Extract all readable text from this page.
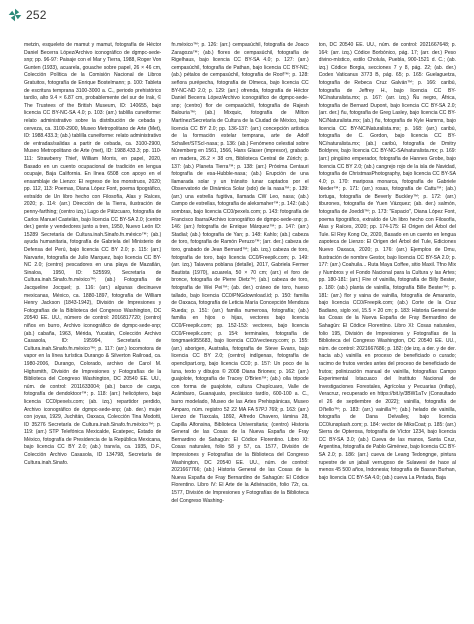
252

metzin, esqueleto de mamut y mamut, fotografía de Héctor Daniel Becerra López/Archivo iconográfico de dgmpc-sede-snp; pp. 96-97: Paisaje con el Mar y Tierra, 1988, Roger Von Gunten (1933), acuarela, gouache sobre papel, 26 × 46 cm, Colección Política de la Comisión Nacional de Libros Gratuitos, fotografía de Enrique Bostelmann; p. 100: Tableta de escritura temprana 3100-3000 a. C., periodo prehistórico tardío, alto 9.4 × 6.87 cm, probablemente del sur de Irak, © The Trustees of the British Museum, ID: 140655, bajo licencia CC BY-NC-SA 4.0; p. 103: (arr.) tablilla cuneiforme: relato administrativo sobre la distribución de cebada y cerveza, ca. 3100-2900, Museo Metropolitano de Arte (Met), ID: 1988.433.3; (ab.) tablilla cuneiforme: relato administrativo de entradas/salidas a partir de cebada, ca. 3100-2900, Museo Metropolitano de Arte (met), ID: 1988.433.3; pp. 110-111: Strawberry Thief, William Morris, en papel, 2020, Basado en un cuento ocupacional de tradición en lengua ocupaje, Baja California. En línea 6508 con apoyo en el ensamblaje de Lienzo: El regreso de los monstruos, 2020; pp. 112, 113: Poemas, Diana López Font, poema tipográfico, extraído de Un libro hecho con Filosofía, Alas y Raíces, 2020; p. 114: (arr.) Dirección de la Tierra, ilustración de penny-farthing; (centro izq.) Lago de Pátzcuaro, fotografía de Carlos Manuel Castelán, bajo licencia CC BY-SA 2.0; (centro der.) gente y vendedores junto a tren, 1950, Nuevo León ID: 15289 Secretaría de Cultura.inah.Sinafo.fn.méxico™; (ab.) ayuda humanitaria, fotografía de Gabriela del Ministerio de Defensa del Perú, bajo licencia CC BY 2.0; p. 115: (arr.) Narvarte, fotografía de Julio Marquez, bajo licencia CC BY-NC 2.0; (centro) pescadores en una playa de Mazatlán, Sinaloa, 1950, ID: 525599, Secretaría de Cultura.inah.Sinafo.fn.méxico™; (ab.) Fotografía de Jacqueline Jocquel; p. 116: (arr.) algunas diecinueve mexicanas, México, ca. 1880-1897, fotografía de William Henry Jackson (1843-1942), División de Impresiones y Fotografías de la Biblioteca del Congreso Washington, DC 20540 EE. UU., número de control: 2016817720; (centro) niños en burro, Archivo iconográfico de dgmpc-sede-snp; (ab.) cabaña, 1963, Mérida, Yucatán, Colección Archivo Casasola, ID: 195994, Secretaría de Cultura.inah.Sinafo.fn.méxico™; p. 117: (arr.) locomotora de vapor en la línea turística Durango & Silverton Railroad, ca. 1980-2006, Durango, Colorado, archivo de Carol M. Highsmith, División de Impresiones y Fotografías de la Biblioteca del Congreso Washington, DC 20540 EE. UU., núm. de control: 2011633004; (ab.) barco de carga, fotografía de dendoktoor™; p. 118: (arr.) helicóptero, bajo licencia CC0/pexels.com; (ab. izq.) repartidor perdido, Archivo iconográfico de dgmpc-sede-snp; (ab. der.) mujer con joyas, 1929, Juchitán, Oaxaca, Colección Tina Modotti, ID 35276 Secretaría de Cultura.inah.Sinafo.fn.méxico™; p. 119: (arr.) STP Telefónica Mexicalde, Ecatepec, Estado de México, fotografía de Presidencia de la República Mexicana, bajo licencia CC BY 2.0; (ab.) tranvía, ca. 1935, D.F., Colección Archivo Casasola, ID 134798, Secretaría de Cultura.inah.Sinafo.

fn.méxico™; p. 126: (arr.) cempasúchil, fotografía de Joaco Zaragoza™; (ab.) flores de cempasúchil, fotografía de Rigelhaus, bajo licencia CC BY-SA 4.0; p. 127: (arr.) cempasúchil, fotografía de Pathan, bajo licencia CC BY-NC; (ab.) pétalos de cempasúchil, fotografía de Roof™; p. 128: señora purépecha, fotografía de Olmeca, bajo licencia CC BY-NC-ND 2.0; p. 129: (arr.) ofrenda, fotografía de Héctor Daniel Becerra López/Archivo iconográfico de dgmpc-sede-snp; (centro) flor de cempasúchil, fotografía de Rajesh Balouria™; (ab.) Mixquic, fotografía de Milton Martínez/Secretaría de Cultura de la Ciudad de México, bajo licencia CC BY 2.0; pp. 136-137: (arr.) concepción artística de la formación estelar temprana, arte de Adolf Schaller/STScI-nasa; p. 136: (ab.) Fenómeno celestial sobre Núremberg en 1561, 1566, Hans Glaser (impresor), grabado en madera, 26.2 × 38 cm, Biblioteca Central de Zúrich; p. 137: (ab.) Planeta Tierra™; p. 138: (arr.) Próxima Centauri fotografía de esa-Hubble-nasa; (ab.) Erupción de una llamarada solar y un tránsito lunar captados por el Observatorio de Dinámica Solar (sdo) de la nasa™; p. 139: (arr.) una estrella fugitiva, llamada CW Leo, nasa; (ab.) Campo de estrellas, fotografía de aleksmaher™; p. 142: (ab.) sombras, bajo licencia CC0/pexels.com; p. 143: fotografía de Francisco Ibarra/Archivo iconográfico de dgmpc-sede-snp; p. 146: (arr.) fotografía de Enrique Márquez™; p. 147: (arr.) Stadial; (ab.) fotografía de Yan; p. 148: Kahlo; (ab.) cabeza de toro, fotografía de Ramón Peruzo™; (arr. der.) cabeza de toro, grabado de Jean Bernard™; (ab. izq.) cabeza de toro, fotografía de toro, bajo licencia CC0/Freepik.com; p. 149: (arr. izq.) Talavera poblana (detalle), 2017, Gabriela Fermer Bautista (1970), acuarela, 50 × 70 cm; (arr.) el foro de bronce, fotografía de Pierre Dietz™; (ab.) cabeza de toro, fotografía de Wei Pei™; (ab. der.) cráneo de toro, hueso tallado, bajo licencia CC0/PNGdownload.id; p. 150: familia de Oaxaca, fotografía de Leticia María Concepción Mendoza Rueda; p. 151: (arr.) familia numerosa, fotografía; (ab.) familia en hijos o hijas, vectores bajo licencia CC0/Freepik.com; pp. 152-153: vectores, bajo licencia CC0/Freepik.com; p. 154: terminales, fotografía de tongmaek955683, bajo licencia CC0/vecteezy.com; p. 155: (arr.) aborigen, Australia, fotografía de Steve Evans, bajo licencia CC BY 2.0; (centro) indígenas, fotografía de openclipart.org, bajo licencia CC0; p. 157: Un poco de la luna, texto y dibujos © 2008 Diana Briones; p. 162: (arr.) guajolote, fotografía de Tracey O'Brien™; (ab.) olla tripode con forma de guajolote, cultura Chupícuaro, Valle de Acámbaro, Guanajuato, preclásico tardío, 600-100 a. C., barro modelado, Museo de las Artes Prehispánicas, Museo Amparo, núm. registro 52 22 MA FA 57PJ 769; p. 163: (arr.) Lienzo de Tlaxcala, 1892, Alfredo Chavero, lámina 28, Capilla Alfonsina, Biblioteca Universitaria; (centro) Historia General de las Cosas de la Nueva España de Fray Bernardino de Sahagún: El Códice Florentino. Libro XI: Cosas naturales, folio 58 y 57, ca. 1577, División de Impresiones y Fotografías de la Biblioteca del Congreso Washington, DC 20540 EE. UU., núm. de control: 2021667766; (ab.) Historia General de las Cosas de la Nueva España de Fray Bernardino de Sahagún: El Códice Florentino. Libro IV: El Arte de la Adivinación, folio 72r, ca. 1577, División de Impresiones y Fotografías de la Biblioteca del Congreso Washing-

ton, DC 20540 EE. UU., núm. de control: 2021667648; p. 164: (arr. izq.) Códice Borbónico, pág. 17; (arr. der.) Peso divino-místico, estilo Cholula, Puebla, 900-1521 d. C.; (ab. izq.) Códice Borgia, secciones 7 y 8, pág. 22; (ab. der.) Codex Vaticanus 3773 B, pág. 65; p. 165: Guelaguetza, fotografía de Rebeca Cruz Galván™; p. 166: caribú, fotografía de Jeffrey H., bajo licencia CC BY-NC/naturalista.mx; p. 167: (arr. izq.) Ñu negro, África, fotografía de Bernard Dupont, bajo licencia CC BY-SA 2.0; (arr. der.) ñu, fotografía de Greg Lasley, bajo licencia CC BY-NC/Naturalista.mx; (ab.) ñu, fotografía de Kyle Hamrns, bajo licencia CC BY-NC/Naturalista.mx; p. 168: (arr.) caribú, fotografía de C. Gordon, bajo licencia CC BY-NC/naturalista.mx; (ab.) caribú, fotografía de Dmitry Boldyrev, bajo licencia CC BY-NC-SA/naturalista.mx; p. 169: (arr.) pingüino emperador, fotografía de Hannes Grobe, bajo licencia CC BY 2.0; (ab.) cangrejo rojo de la isla de Navidad, fotografía de ChristmasPhotography, bajo licencia CC BY-SA 4.0; p. 170: mariposa monarca, fotografía de Gabriele Nieder™; p. 171: (arr.) rosas, fotografía de Cattu™; (ab.) tortuga, fotografía de Beverly Buckley™; p. 172: (arr.) tiburones, fotografía de Yuen Vázquez; (ab. der.) salmón, fotografía de Joeddi™; p. 173: "Espacio", Diana López Font, poema tipográfico, extraído de Un libro hecho con Filosofía, Alas y Raíces, 2020; pp. 174-175: El Origen del Árbol del Tule. El Rey Kong Oz, 2020, Basado en un cuento en lengua zapoteca de Lienzo: El Origen del Árbol del Tule, Ediciones Nuevo Oaxaca, 2020; p. 176: (arr.) Ejemplos de Dmu, Ilustración de nombre Gestor, bajo licencia CC BY-SA 2.0; p. 177: (arr.) Coahuila... Ruta Maya Coffee, sitio Maxil. Tfno Mix y Numbros y el Fondo Nacional para la Cultura y las Artes; pp. 180-181: (arr.) Fire of vainilla, fotografía de Billy Bester, p. 180: (ab.) planta de vainilla, fotografía Bille Bester™; p. 181: (arr.) flor y vaina de vainilla, fotografía de Amaranto, bajo licencia CC0/Freepik.com; (ab.) Corte de la Cruz Badiano, siglo xvi, 15.5 × 20 cm; p. 183: Historia General de las Cosas de la Nueva España de Fray Bernardino de Sahagún: El Códice Florentino. Libro XI: Cosas naturales, folio 195, División de Impresiones y Fotografías de la Biblioteca del Congreso Washington, DC 20540 EE. UU., núm. de control: 2021667686; p. 182: (de izq. a der. y de der. hacia ab.) vainilla en proceso de beneficiado o curado; racimo de frutos verdes antes del proceso de beneficiado de frutos; polinización manual de vainilla, fotografías Campo Experimental Ixtacuaco del Instituto Nacional de Investigaciones Forestales, Agrícolas y Pecuarias (inifap), Veracruz, recuperado en https://bit.ly/3BW1aTv (Consultado el 26 de septiembre de 2022); vainilla, fotografía de Ol'tello™; p. 183: (arr.) vainilla™; (ab.) helado de vainilla, fotografía de Dana Delvalley, bajo licencia CC0/unsplash.com; p. 184: vector de MiksCoat; p. 185: (arr.) Sierra de Opterosa, fotografía de Víctor 1234, bajo licencia CC BY-SA 3.0; (ab.) Cueva de las manos, Santa Cruz, Argentina, fotografía de Pablo Giménez, bajo licencia CC BY-SA 2.0; p. 186: (arr.) cueva de Leang Tedongnge, pintura rupestre de un jabalí verrugoso de Sulawesi de hace al menos 45 500 años, Indonesia; fotografía de Basran Burhan, bajo licencia CC BY-SA 4.0; (ab.) cueva La Pintada, Baja
